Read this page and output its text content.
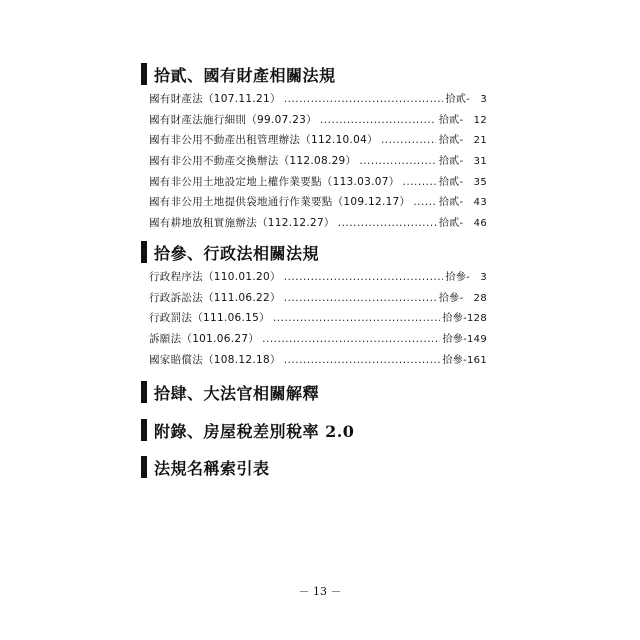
拾貳、國有財產相關法規
國有財產法（107.11.21） .....	拾貳-　3
國有財產法施行細則（99.07.23） .....	拾貳-　12
國有非公用不動產出租管理辦法（112.10.04） .....	拾貳-　21
國有非公用不動產交換辦法（112.08.29） .....	拾貳-　31
國有非公用土地設定地上權作業要點（113.03.07） .....	拾貳-　35
國有非公用土地提供袋地通行作業要點（109.12.17） .....	拾貳-　43
國有耕地放租實施辦法（112.12.27） .....	拾貳-　46
拾參、行政法相關法規
行政程序法（110.01.20） .....	拾參-　3
行政訴訟法（111.06.22） .....	拾參-　28
行政罰法（111.06.15） .....	拾參-128
訴願法（101.06.27） .....	拾參-149
國家賠償法（108.12.18） .....	拾參-161
拾肆、大法官相關解釋
附錄、房屋稅差別稅率 2.0
法規名稱索引表
－ 13 －
